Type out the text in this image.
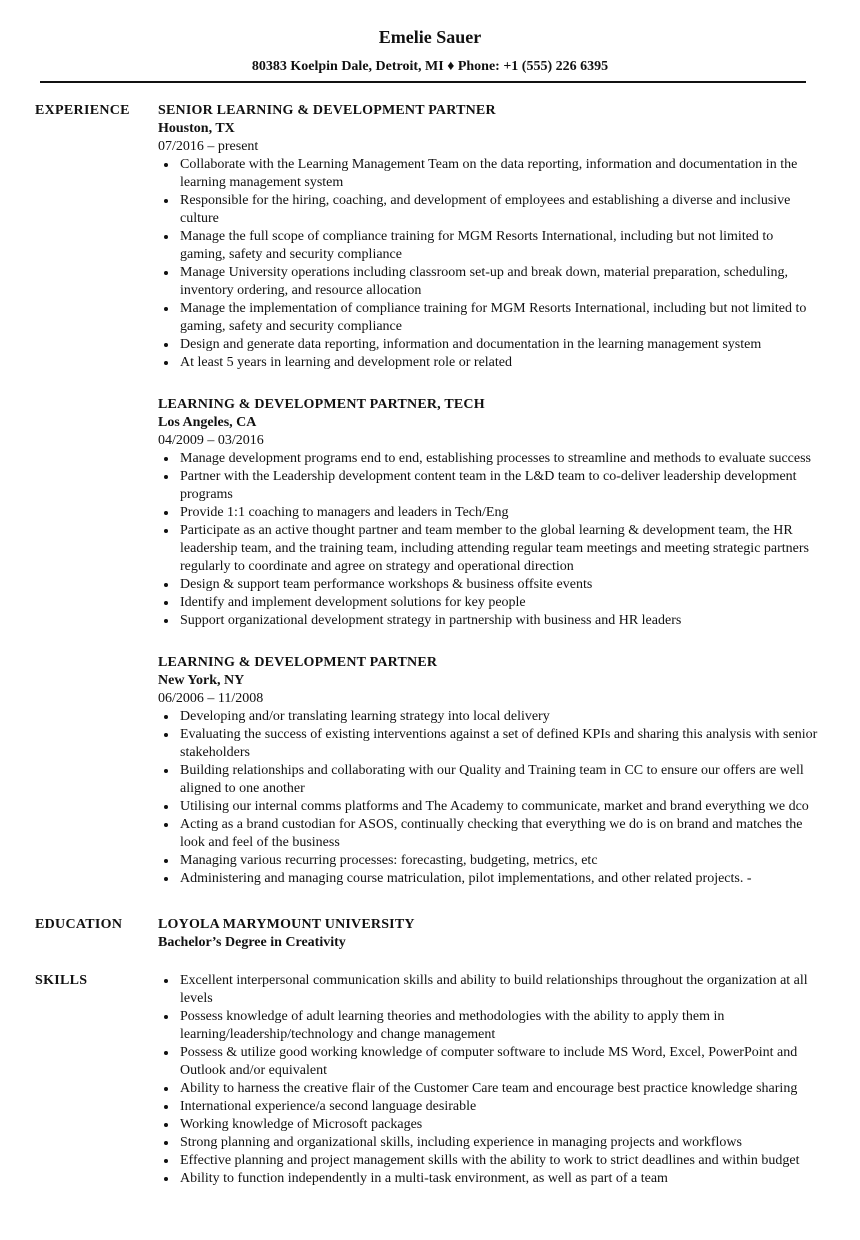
Emelie Sauer
80383 Koelpin Dale, Detroit, MI ♦ Phone: +1 (555) 226 6395
EXPERIENCE SENIOR LEARNING & DEVELOPMENT PARTNER
Houston, TX
07/2016 – present
Collaborate with the Learning Management Team on the data reporting, information and documentation in the learning management system
Responsible for the hiring, coaching, and development of employees and establishing a diverse and inclusive culture
Manage the full scope of compliance training for MGM Resorts International, including but not limited to gaming, safety and security compliance
Manage University operations including classroom set-up and break down, material preparation, scheduling, inventory ordering, and resource allocation
Manage the implementation of compliance training for MGM Resorts International, including but not limited to gaming, safety and security compliance
Design and generate data reporting, information and documentation in the learning management system
At least 5 years in learning and development role or related
LEARNING & DEVELOPMENT PARTNER, TECH
Los Angeles, CA
04/2009 – 03/2016
Manage development programs end to end, establishing processes to streamline and methods to evaluate success
Partner with the Leadership development content team in the L&D team to co-deliver leadership development programs
Provide 1:1 coaching to managers and leaders in Tech/Eng
Participate as an active thought partner and team member to the global learning & development team, the HR leadership team, and the training team, including attending regular team meetings and meeting strategic partners regularly to coordinate and agree on strategy and operational direction
Design & support team performance workshops & business offsite events
Identify and implement development solutions for key people
Support organizational development strategy in partnership with business and HR leaders
LEARNING & DEVELOPMENT PARTNER
New York, NY
06/2006 – 11/2008
Developing and/or translating learning strategy into local delivery
Evaluating the success of existing interventions against a set of defined KPIs and sharing this analysis with senior stakeholders
Building relationships and collaborating with our Quality and Training team in CC to ensure our offers are well aligned to one another
Utilising our internal comms platforms and The Academy to communicate, market and brand everything we dco
Acting as a brand custodian for ASOS, continually checking that everything we do is on brand and matches the look and feel of the business
Managing various recurring processes: forecasting, budgeting, metrics, etc
Administering and managing course matriculation, pilot implementations, and other related projects. -
EDUCATION	LOYOLA MARYMOUNT UNIVERSITY
Bachelor’s Degree in Creativity
SKILLS	Excellent interpersonal communication skills and ability to build relationships throughout the organization at all levels
Possess knowledge of adult learning theories and methodologies with the ability to apply them in learning/leadership/technology and change management
Possess & utilize good working knowledge of computer software to include MS Word, Excel, PowerPoint and Outlook and/or equivalent
Ability to harness the creative flair of the Customer Care team and encourage best practice knowledge sharing
International experience/a second language desirable
Working knowledge of Microsoft packages
Strong planning and organizational skills, including experience in managing projects and workflows
Effective planning and project management skills with the ability to work to strict deadlines and within budget
Ability to function independently in a multi-task environment, as well as part of a team
